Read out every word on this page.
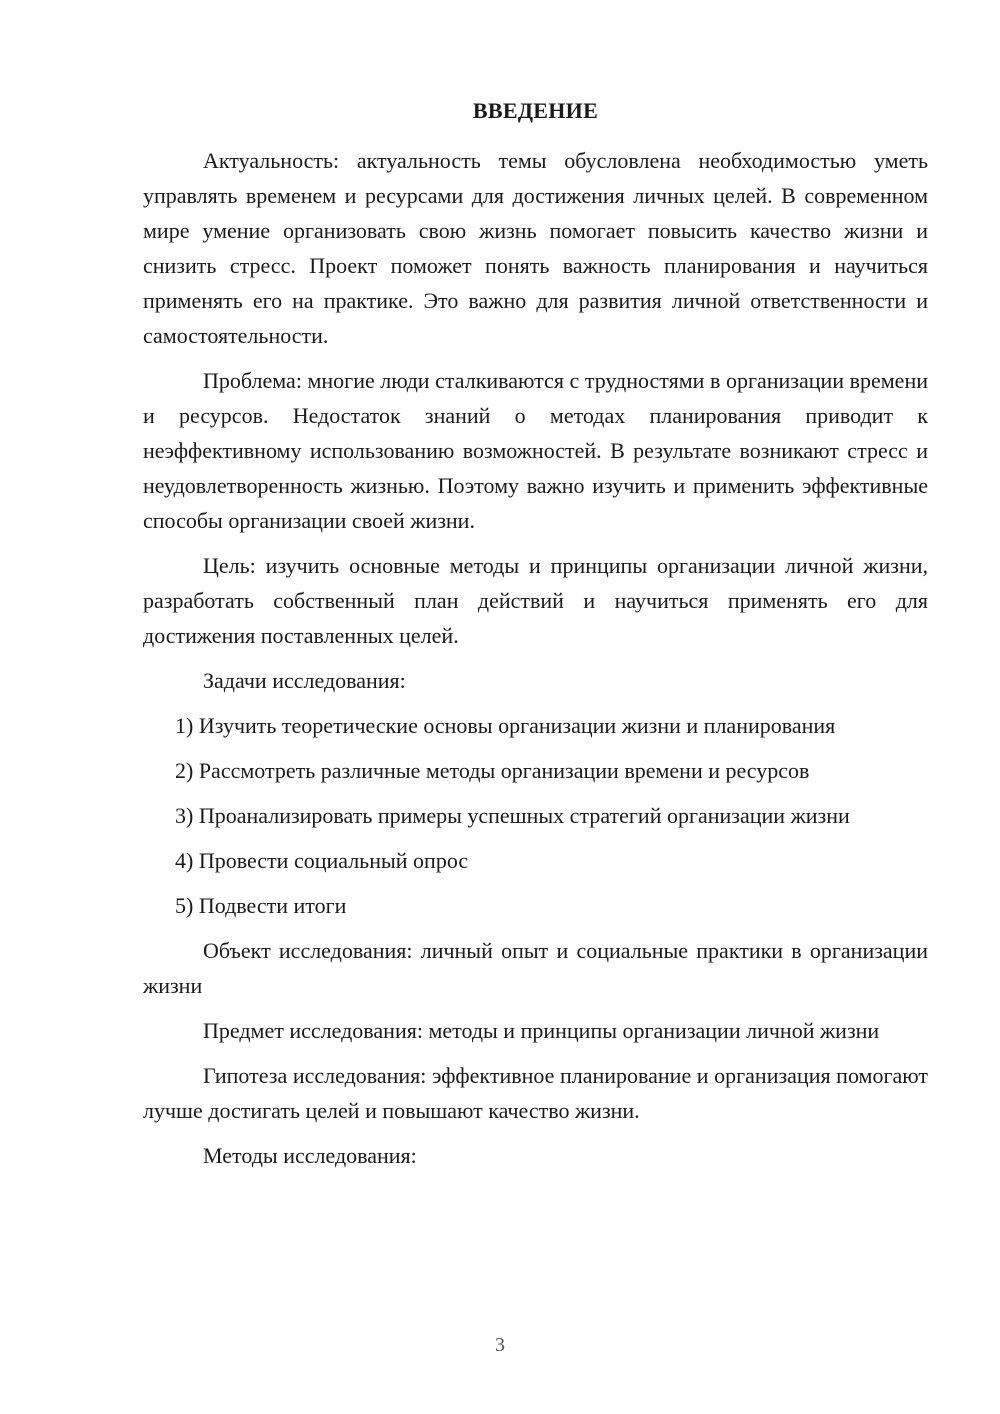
ВВЕДЕНИЕ

Актуальность: актуальность темы обусловлена необходимостью уметь управлять временем и ресурсами для достижения личных целей. В современном мире умение организовать свою жизнь помогает повысить качество жизни и снизить стресс. Проект поможет понять важность планирования и научиться применять его на практике. Это важно для развития личной ответственности и самостоятельности.

Проблема: многие люди сталкиваются с трудностями в организации времени и ресурсов. Недостаток знаний о методах планирования приводит к неэффективному использованию возможностей. В результате возникают стресс и неудовлетворенность жизнью. Поэтому важно изучить и применить эффективные способы организации своей жизни.

Цель: изучить основные методы и принципы организации личной жизни, разработать собственный план действий и научиться применять его для достижения поставленных целей.

Задачи исследования:

1) Изучить теоретические основы организации жизни и планирования

2) Рассмотреть различные методы организации времени и ресурсов

3) Проанализировать примеры успешных стратегий организации жизни

4) Провести социальный опрос

5) Подвести итоги

Объект исследования: личный опыт и социальные практики в организации жизни

Предмет исследования: методы и принципы организации личной жизни

Гипотеза исследования: эффективное планирование и организация помогают лучше достигать целей и повышают качество жизни.

Методы исследования:

3
